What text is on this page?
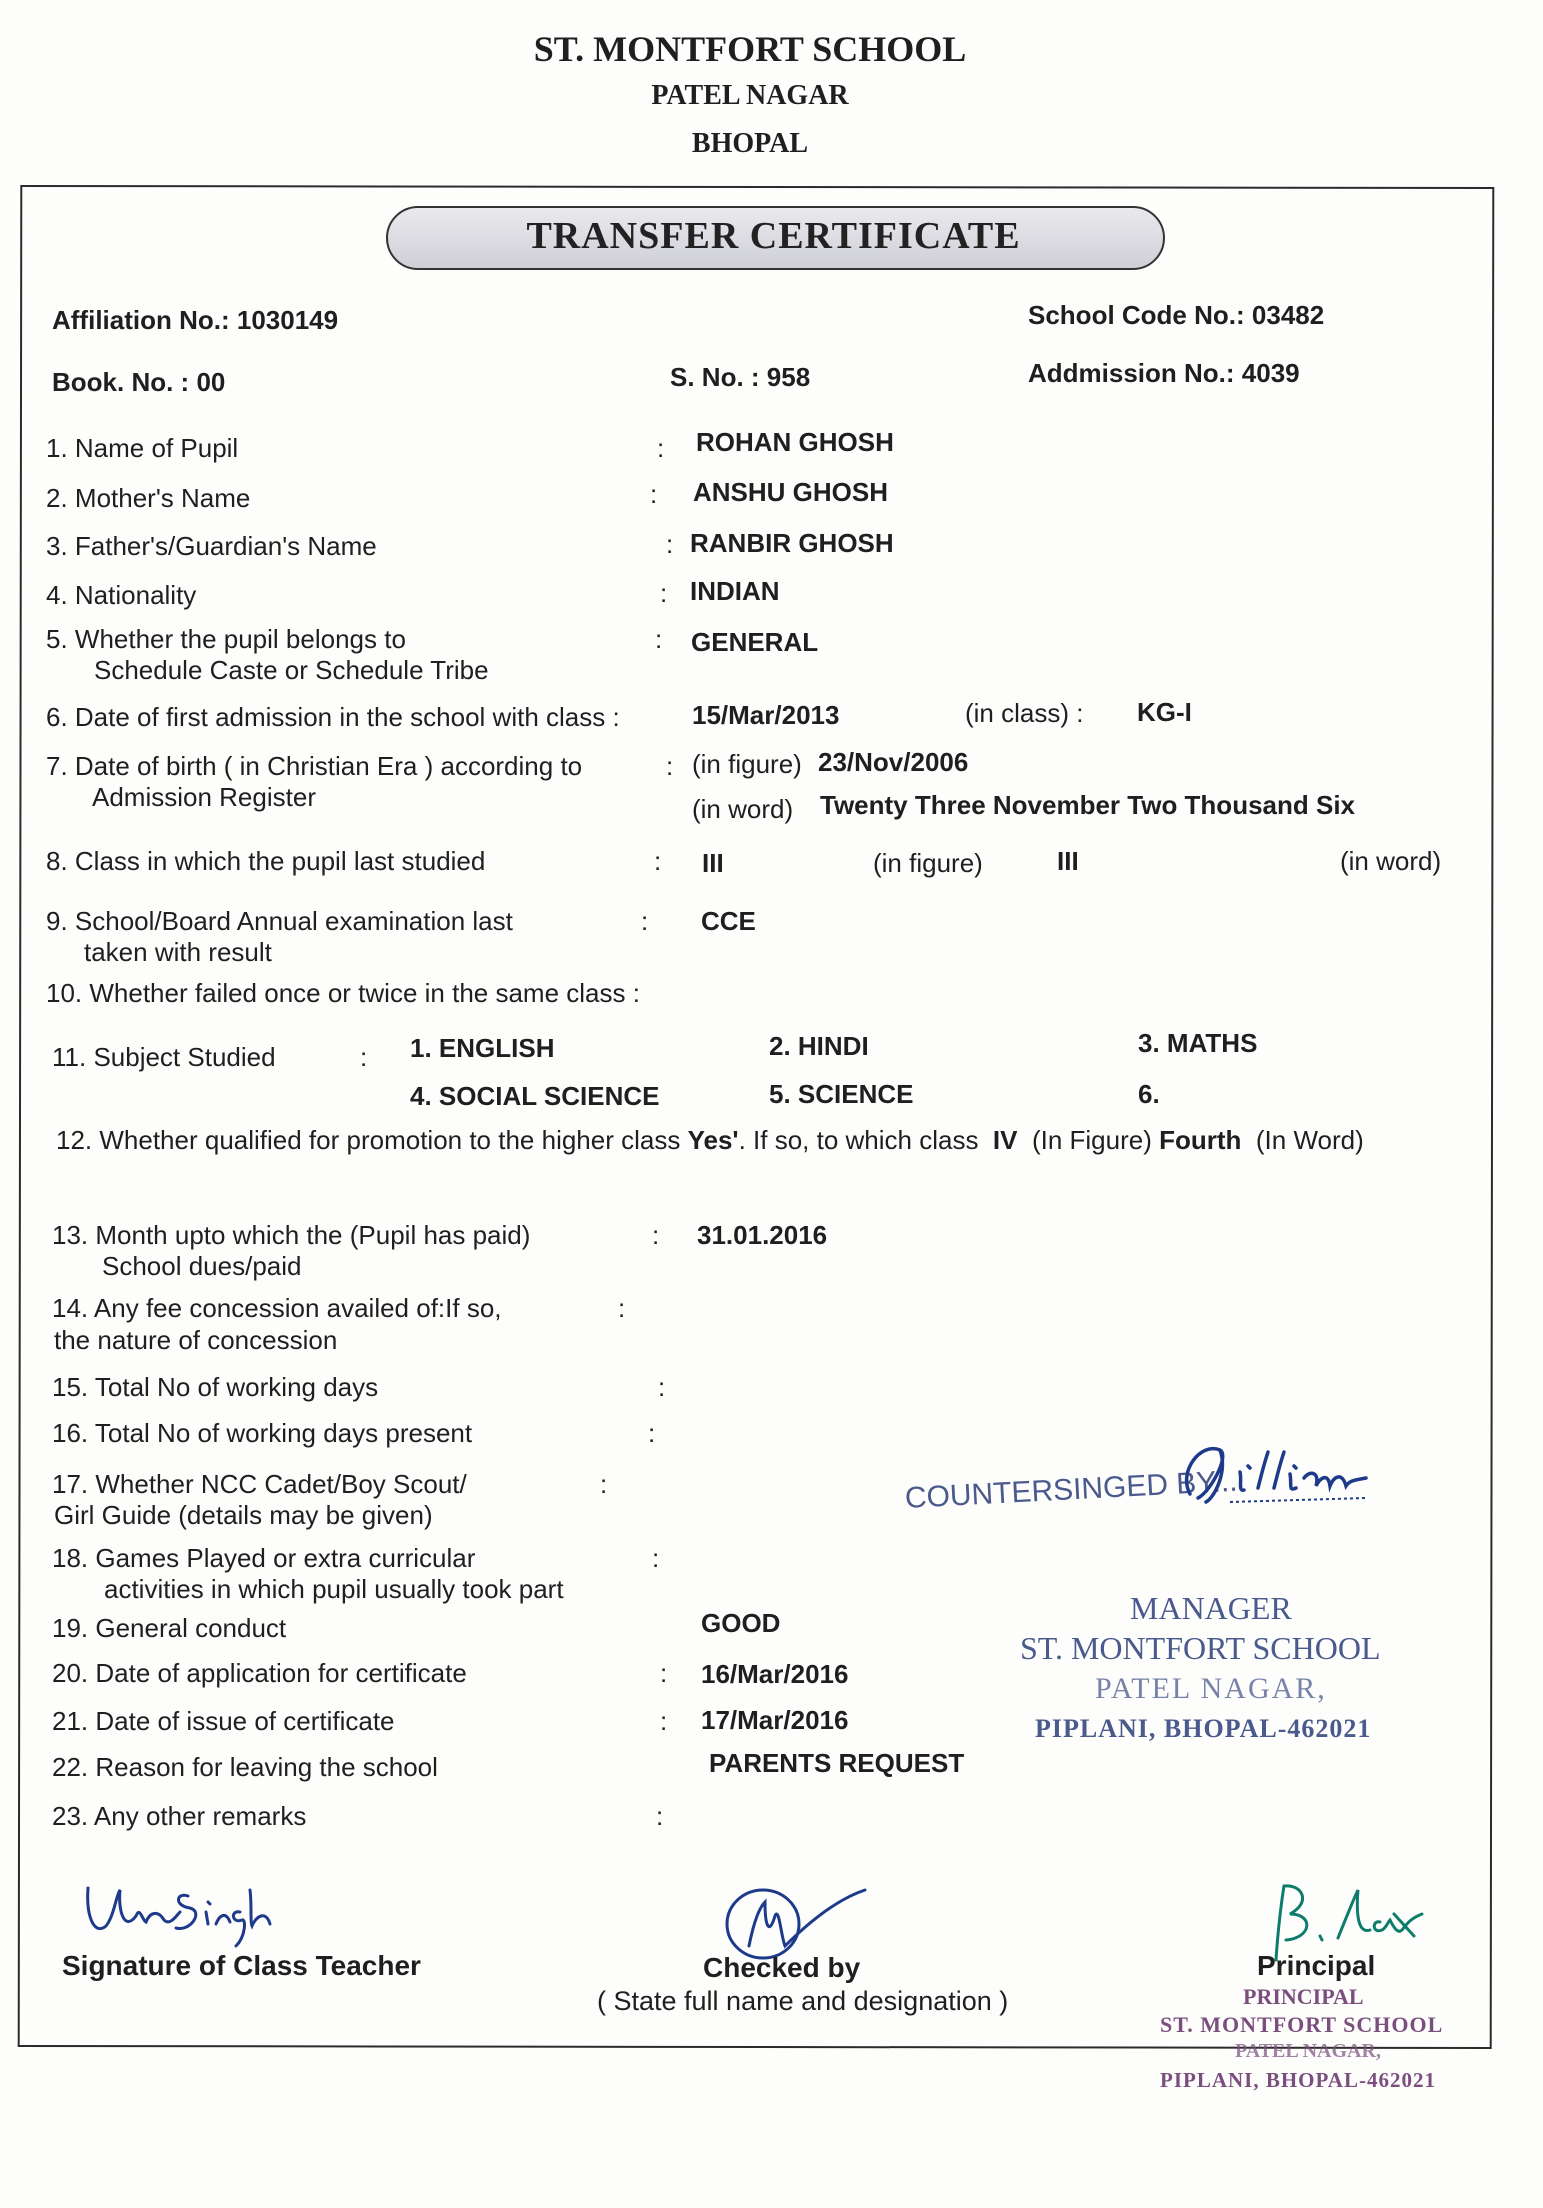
ST. MONTFORT SCHOOL
PATEL NAGAR
BHOPAL
TRANSFER CERTIFICATE
Affiliation No.: 1030149	School Code No.: 03482
Book. No. : 00	S. No. : 958	Addmission No.: 4039
1. Name of Pupil	: ROHAN GHOSH
2. Mother's Name	: ANSHU GHOSH
3. Father's/Guardian's Name	: RANBIR GHOSH
4. Nationality	: INDIAN
5. Whether the pupil belongs to
Schedule Caste or Schedule Tribe
: GENERAL
6. Date of first admission in the school with class :	15/Mar/2013	(in class) : KG-I
7. Date of birth ( in Christian Era ) according to
Admission Register
: (in figure) 23/Nov/2006
(in word) Twenty Three November Two Thousand Six
8. Class in which the pupil last studied	: III	(in figure)	III	(in word)
9. School/Board Annual examination last
taken with result
: CCE
10. Whether failed once or twice in the same class :
11. Subject Studied	: 1. ENGLISH	2. HINDI	3. MATHS
4. SOCIAL SCIENCE	5. SCIENCE	6.
12. Whether qualified for promotion to the higher class Yes'. If so, to which class IV (In Figure) Fourth (In Word)
13. Month upto which the (Pupil has paid)
School dues/paid
: 31.01.2016
14. Any fee concession availed of:If so,
the nature of concession
:
15. Total No of working days	:
16. Total No of working days present	:
17. Whether NCC Cadet/Boy Scout/
Girl Guide (details may be given)
:
18. Games Played or extra curricular
activities in which pupil usually took part
:
19. General conduct	GOOD
20. Date of application for certificate	: 16/Mar/2016
21. Date of issue of certificate	: 17/Mar/2016
22. Reason for leaving the school	PARENTS REQUEST
23. Any other remarks	:
COUNTERSINGED BY...
MANAGER
ST. MONTFORT SCHOOL
PATEL NAGAR,
PIPLANI, BHOPAL-462021
Signature of Class Teacher	Checked by
( State full name and designation )
Principal
PRINCIPAL
ST. MONTFORT SCHOOL
PATEL NAGAR,
PIPLANI, BHOPAL-462021
